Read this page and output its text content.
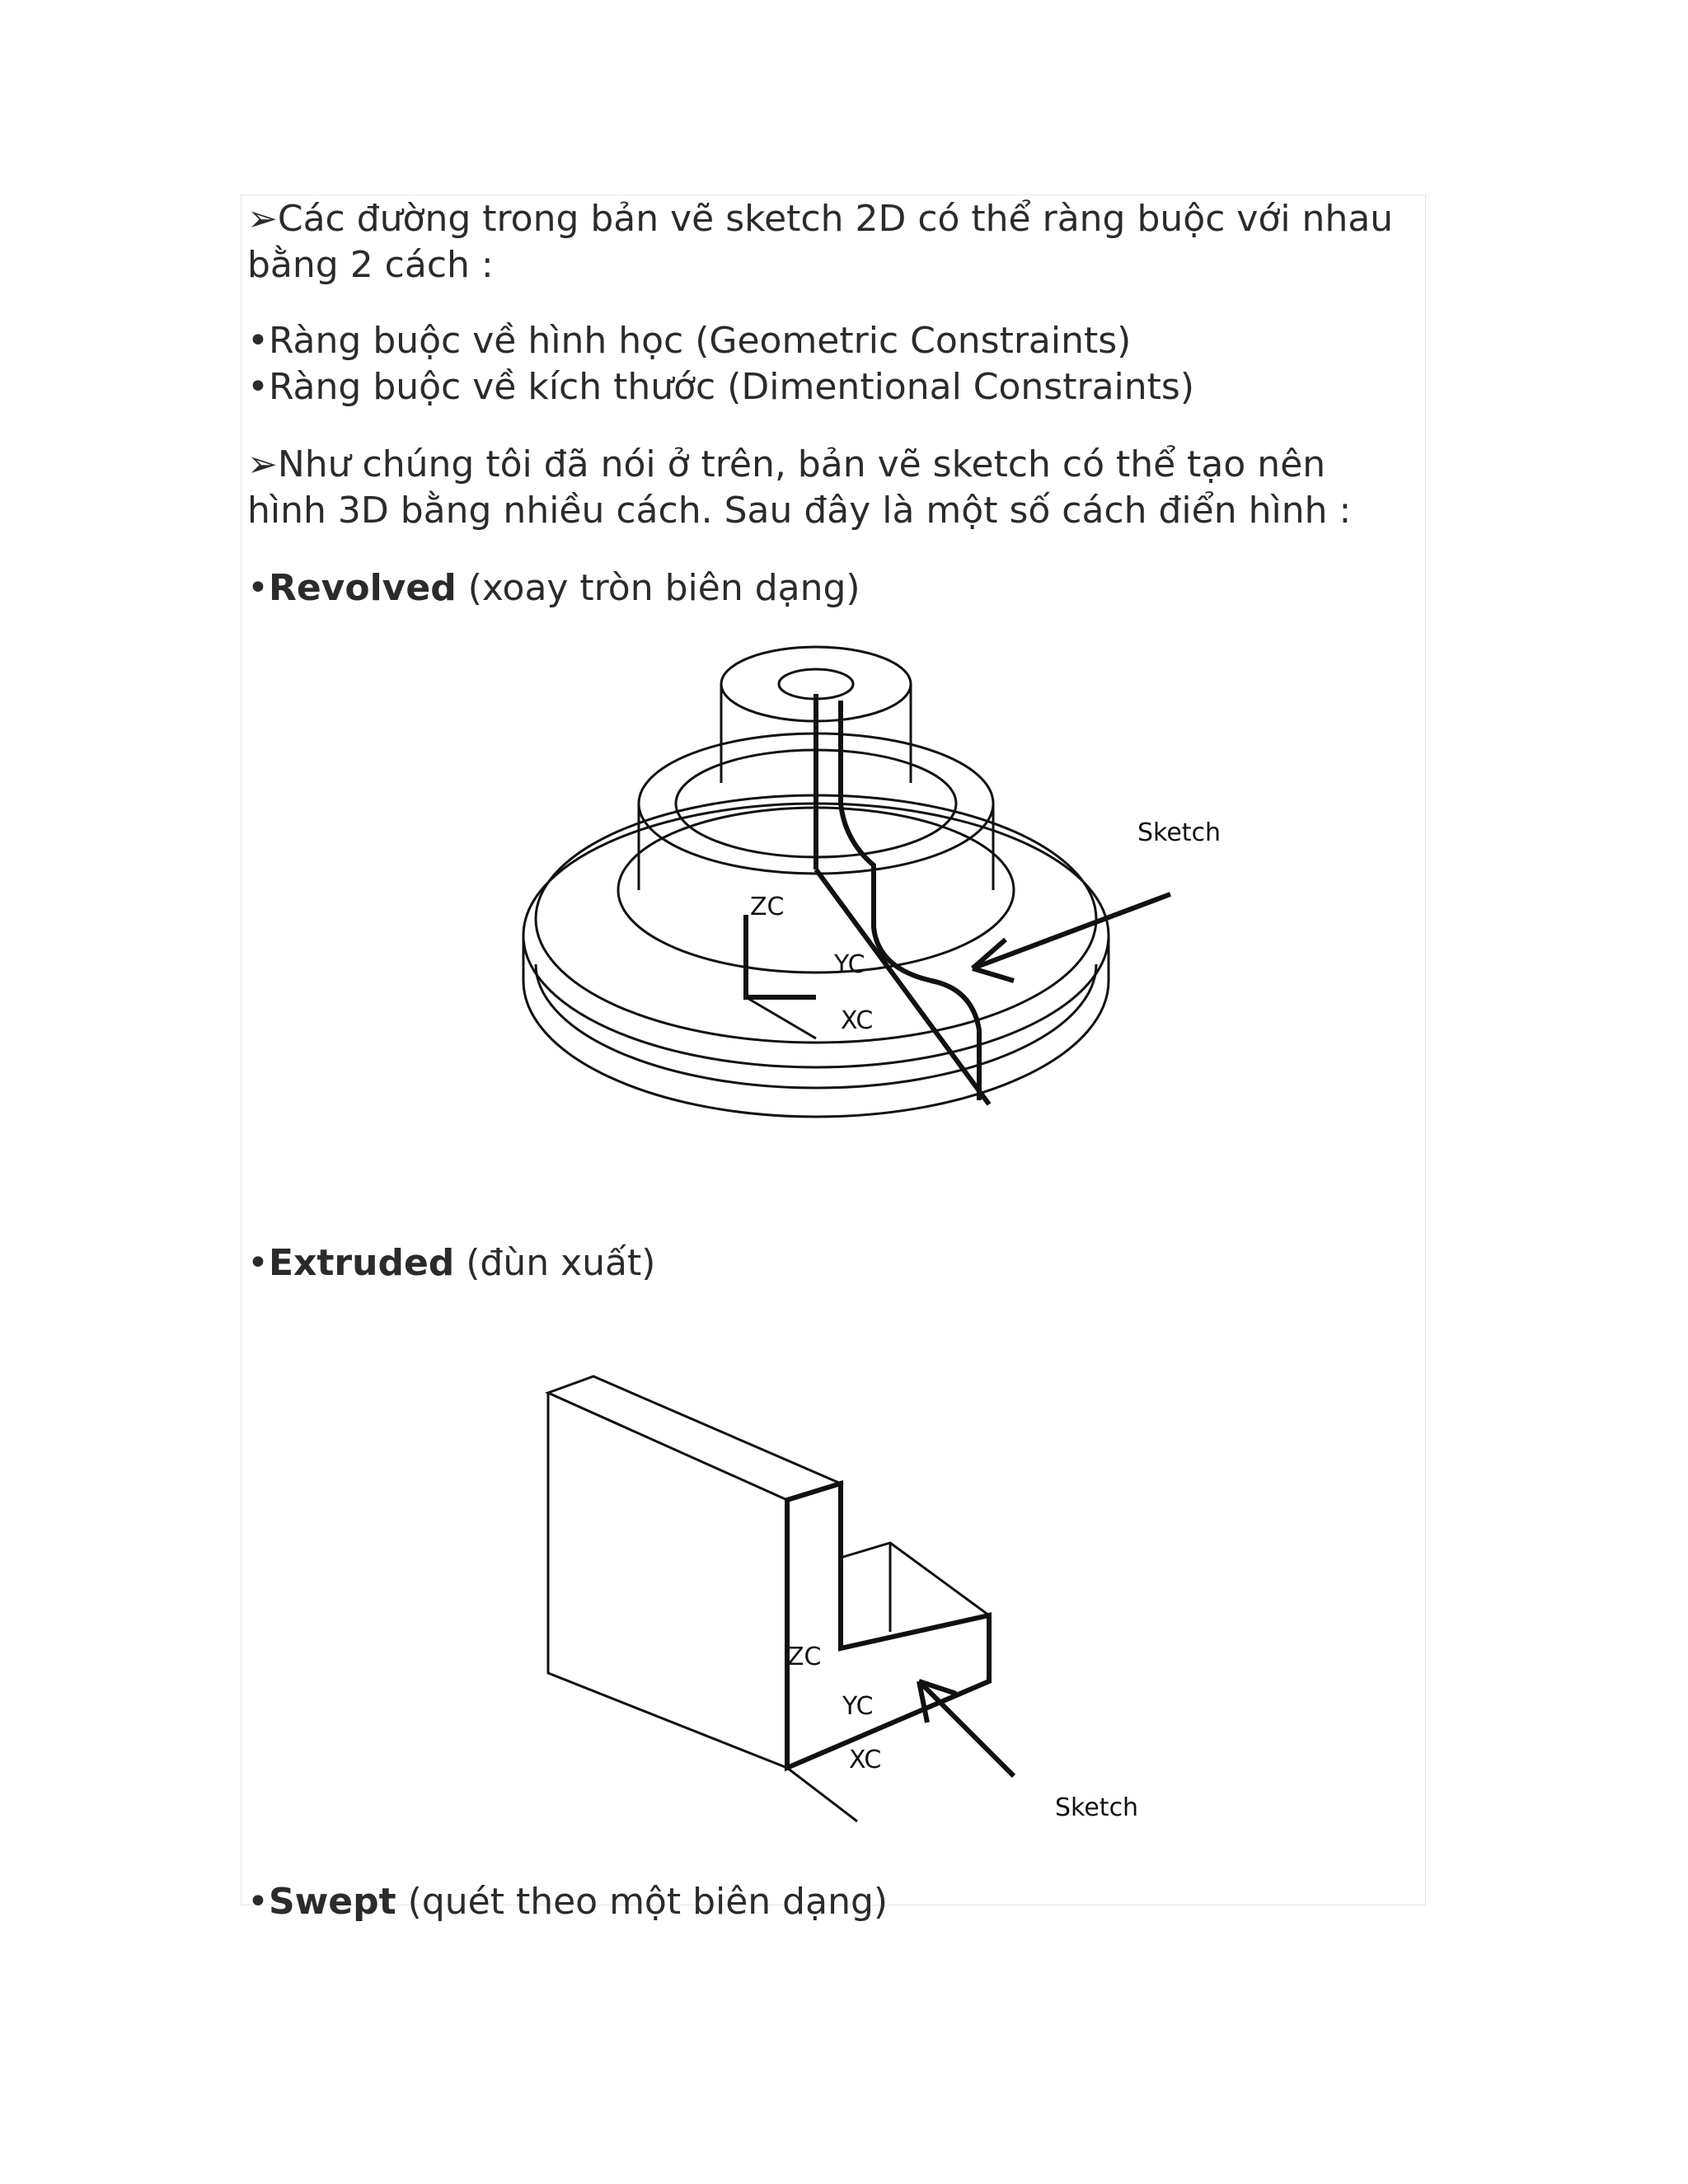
➢Các đường trong bản vẽ sketch 2D có thể ràng buộc với nhau
bằng 2 cách :
•Ràng buộc về hình học (Geometric Constraints)
•Ràng buộc về kích thước (Dimentional Constraints)
➢Như chúng tôi đã nói ở trên, bản vẽ sketch có thể tạo nên
hình 3D bằng nhiều cách. Sau đây là một số cách điển hình :
•Revolved (xoay tròn biên dạng)
Sketch
ZC
YC
XC
•Extruded (đùn xuất)
Sketch
ZC
YC
XC
•Swept (quét theo một biên dạng)
